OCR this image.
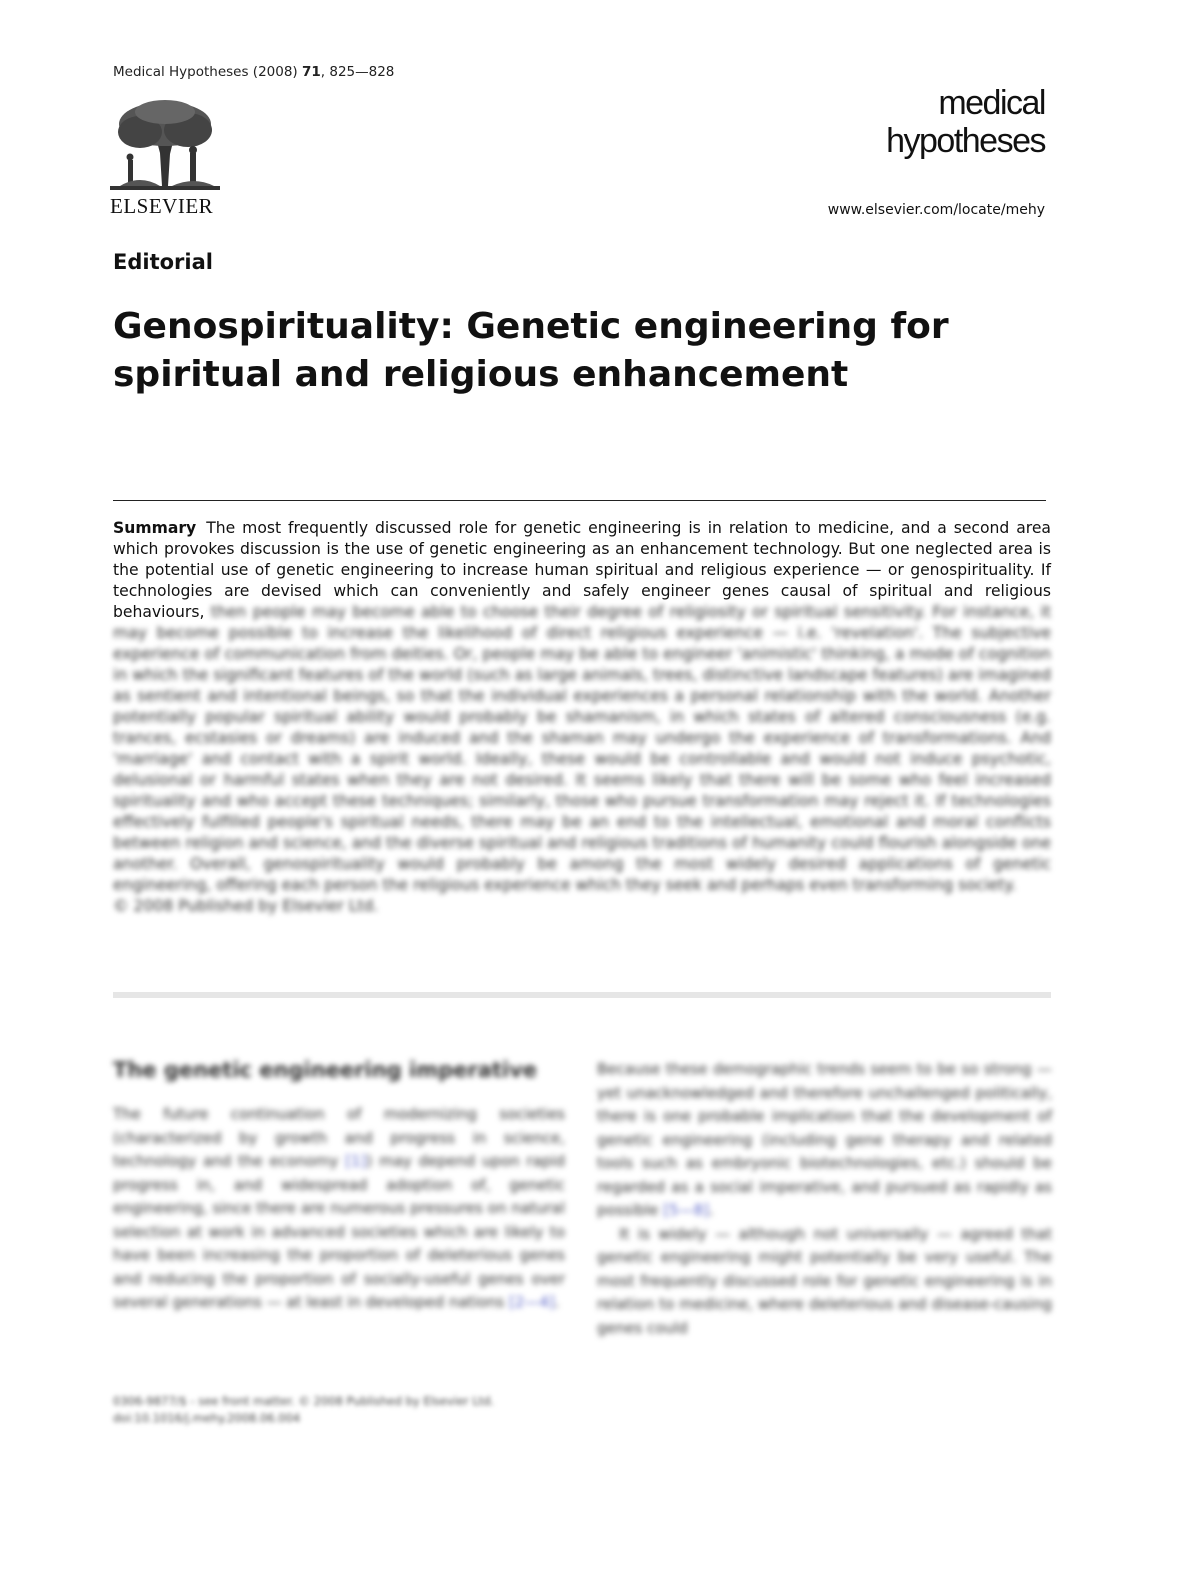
Medical Hypotheses (2008) 71, 825—828
ELSEVIER
medical
hypotheses
www.elsevier.com/locate/mehy
Editorial
Genospirituality: Genetic engineering for spiritual and religious enhancement
Summary The most frequently discussed role for genetic engineering is in relation to medicine, and a second area which provokes discussion is the use of genetic engineering as an enhancement technology. But one neglected area is the potential use of genetic engineering to increase human spiritual and religious experience — or genospirituality. If technologies are devised which can conveniently and safely engineer genes causal of spiritual and religious behaviours, then people may become able to choose their degree of religiosity or spiritual sensitivity. For instance, it may become possible to increase the likelihood of direct religious experience — i.e. 'revelation'. The subjective experience of communication from deities. Or, people may be able to engineer 'animistic' thinking, a mode of cognition in which the significant features of the world (such as large animals, trees, distinctive landscape features) are imagined as sentient and intentional beings, so that the individual experiences a personal relationship with the world. Another potentially popular spiritual ability would probably be shamanism, in which states of altered consciousness (e.g. trances, ecstasies or dreams) are induced and the shaman may undergo the experience of transformations. And 'marriage' and contact with a spirit world. Ideally, these would be controllable and would not induce psychotic, delusional or harmful states when they are not desired. It seems likely that there will be some who feel increased spirituality and who accept these techniques; similarly, those who pursue transformation may reject it. If technologies effectively fulfilled people's spiritual needs, there may be an end to the intellectual, emotional and moral conflicts between religion and science, and the diverse spiritual and religious traditions of humanity could flourish alongside one another. Overall, genospirituality would probably be among the most widely desired applications of genetic engineering, offering each person the religious experience which they seek and perhaps even transforming society.
© 2008 Published by Elsevier Ltd.
The genetic engineering imperative
The future continuation of modernizing societies (characterized by growth and progress in science, technology and the economy [1]) may depend upon rapid progress in, and widespread adoption of, genetic engineering, since there are numerous pressures on natural selection at work in advanced societies which are likely to have been increasing the proportion of deleterious genes and reducing the proportion of socially-useful genes over several generations — at least in developed nations [2—4].

Because these demographic trends seem to be so strong — yet unacknowledged and therefore unchallenged politically, there is one probable implication that the development of genetic engineering (including gene therapy and related tools such as embryonic biotechnologies, etc.) should be regarded as a social imperative, and pursued as rapidly as possible [5—8].

It is widely — although not universally — agreed that genetic engineering might potentially be very useful. The most frequently discussed role for genetic engineering is in relation to medicine, where deleterious and disease-causing genes could

0306-9877/$ - see front matter. © 2008 Published by Elsevier Ltd.
doi:10.1016/j.mehy.2008.06.004
